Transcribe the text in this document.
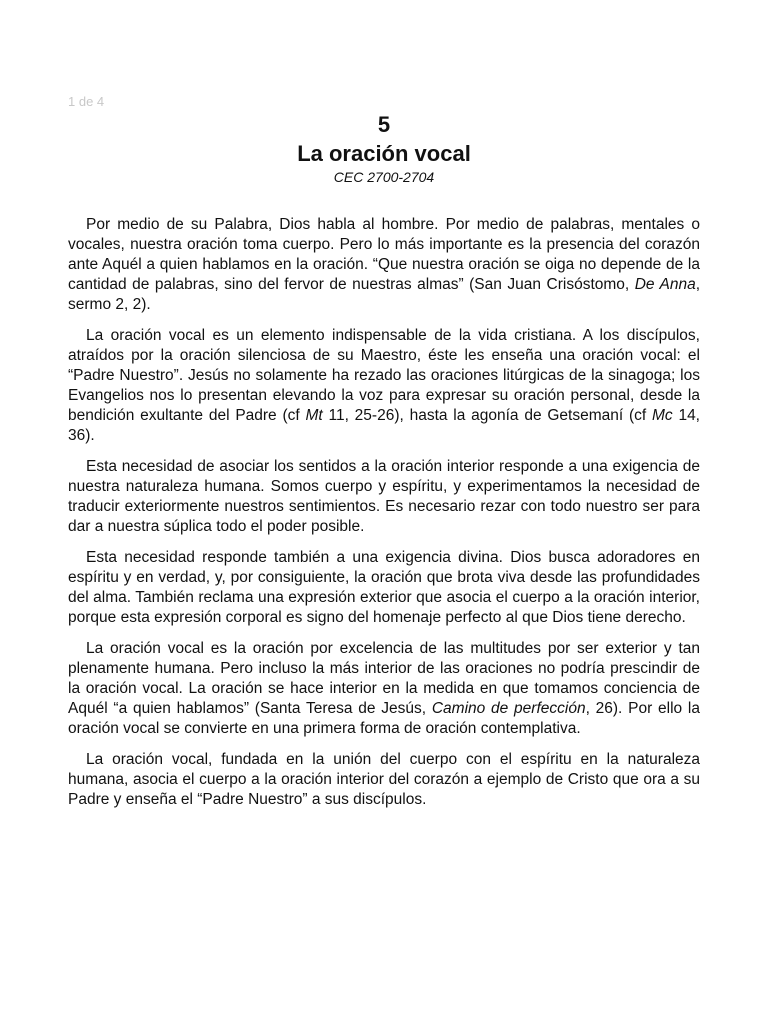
1 de 4
5
La oración vocal
CEC 2700-2704

Por medio de su Palabra, Dios habla al hombre. Por medio de palabras, mentales o vocales, nuestra oración toma cuerpo. Pero lo más importante es la presencia del corazón ante Aquél a quien hablamos en la oración. “Que nuestra oración se oiga no depende de la cantidad de palabras, sino del fervor de nuestras almas” (San Juan Crisóstomo, De Anna, sermo 2, 2).

La oración vocal es un elemento indispensable de la vida cristiana. A los discípulos, atraídos por la oración silenciosa de su Maestro, éste les enseña una oración vocal: el “Padre Nuestro”. Jesús no solamente ha rezado las oraciones litúrgicas de la sinagoga; los Evangelios nos lo presentan elevando la voz para expresar su oración personal, desde la bendición exultante del Padre (cf Mt 11, 25-26), hasta la agonía de Getsemaní (cf Mc 14, 36).

Esta necesidad de asociar los sentidos a la oración interior responde a una exigencia de nuestra naturaleza humana. Somos cuerpo y espíritu, y experimentamos la necesidad de traducir exteriormente nuestros sentimientos. Es necesario rezar con todo nuestro ser para dar a nuestra súplica todo el poder posible.

Esta necesidad responde también a una exigencia divina. Dios busca adoradores en espíritu y en verdad, y, por consiguiente, la oración que brota viva desde las profundidades del alma. También reclama una expresión exterior que asocia el cuerpo a la oración interior, porque esta expresión corporal es signo del homenaje perfecto al que Dios tiene derecho.

La oración vocal es la oración por excelencia de las multitudes por ser exterior y tan plenamente humana. Pero incluso la más interior de las oraciones no podría prescindir de la oración vocal. La oración se hace interior en la medida en que tomamos conciencia de Aquél “a quien hablamos” (Santa Teresa de Jesús, Camino de perfección, 26). Por ello la oración vocal se convierte en una primera forma de oración contemplativa.

La oración vocal, fundada en la unión del cuerpo con el espíritu en la naturaleza humana, asocia el cuerpo a la oración interior del corazón a ejemplo de Cristo que ora a su Padre y enseña el “Padre Nuestro” a sus discípulos.
